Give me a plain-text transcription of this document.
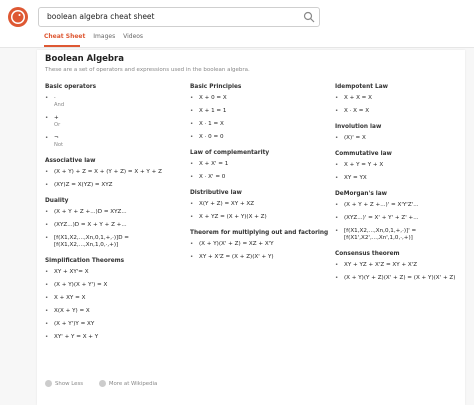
boolean algebra cheat sheet
Cheat Sheet Images Videos
Boolean Algebra
These are a set of operators and expressions used in the boolean algebra.
Basic operators
• ·
And
• +
Or
• ¬
Not
Associative law
• (X + Y) + Z = X + (Y + Z) = X + Y + Z
• (XY)Z = X(YZ) = XYZ
Duality
• (X + Y + Z +...)D = XYZ...
• (XYZ...)D = X + Y + Z +...
• [f(X1,X2,...,Xn,0,1,+,·)]D = [f(X1,X2,...,Xn,1,0,·,+)]
Simplification Theorems
• XY + XY'= X
• (X + Y)(X + Y') = X
• X + XY = X
• X(X + Y) = X
• (X + Y')Y = XY
• XY' + Y = X + Y
Basic Principles
• X + 0 = X
• X + 1 = 1
• X · 1 = X
• X · 0 = 0
Law of complementarity
• X + X' = 1
• X · X' = 0
Distributive law
• X(Y + Z) = XY + XZ
• X + YZ = (X + Y)(X + Z)
Theorem for multiplying out and factoring
• (X + Y)(X' + Z) = XZ + X'Y
• XY + X'Z = (X + Z)(X' + Y)
Idempotent Law
• X + X = X
• X · X = X
Involution law
• (X)' = X
Commutative law
• X + Y = Y + X
• XY = YX
DeMorgan's law
• (X + Y + Z +...)' = X'Y'Z'...
• (XYZ...)' = X' + Y' + Z' +...
• [f(X1,X2,...,Xn,0,1,+,·)]' = [f(X1',X2',...,Xn',1,0,·,+)]
Consensus theorem
• XY + YZ + X'Z = XY + X'Z
• (X + Y)(Y + Z)(X' + Z) = (X + Y)(X' + Z)
Show Less	More at Wikipedia
